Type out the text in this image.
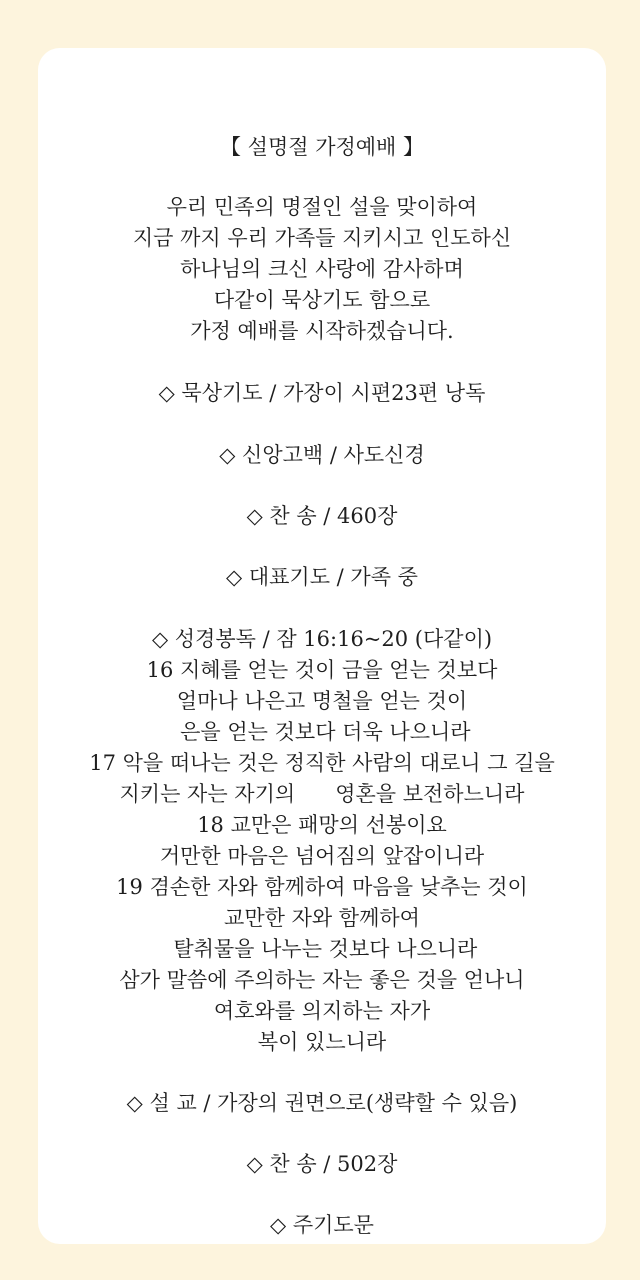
【 설명절 가정예배 】
우리 민족의 명절인 설을 맞이하여
지금 까지 우리 가족들 지키시고 인도하신
하나님의 크신 사랑에 감사하며
다같이 묵상기도 함으로
가정 예배를 시작하겠습니다.
◇ 묵상기도 / 가장이 시편23편 낭독
◇ 신앙고백 / 사도신경
◇ 찬 송 / 460장
◇ 대표기도 / 가족 중
◇ 성경봉독 / 잠 16:16~20 (다같이)
16 지혜를 얻는 것이 금을 얻는 것보다
얼마나 나은고 명철을 얻는 것이
은을 얻는 것보다 더욱 나으니라
17 악을 떠나는 것은 정직한 사람의 대로니 그 길을
지키는 자는 자기의      영혼을 보전하느니라
18 교만은 패망의 선봉이요
거만한 마음은 넘어짐의 앞잡이니라
19 겸손한 자와 함께하여 마음을 낮추는 것이
교만한 자와 함께하여
탈취물을 나누는 것보다 나으니라
삼가 말씀에 주의하는 자는 좋은 것을 얻나니
여호와를 의지하는 자가
복이 있느니라
◇ 설 교 / 가장의 권면으로(생략할 수 있음)
◇ 찬 송 / 502장
◇ 주기도문
